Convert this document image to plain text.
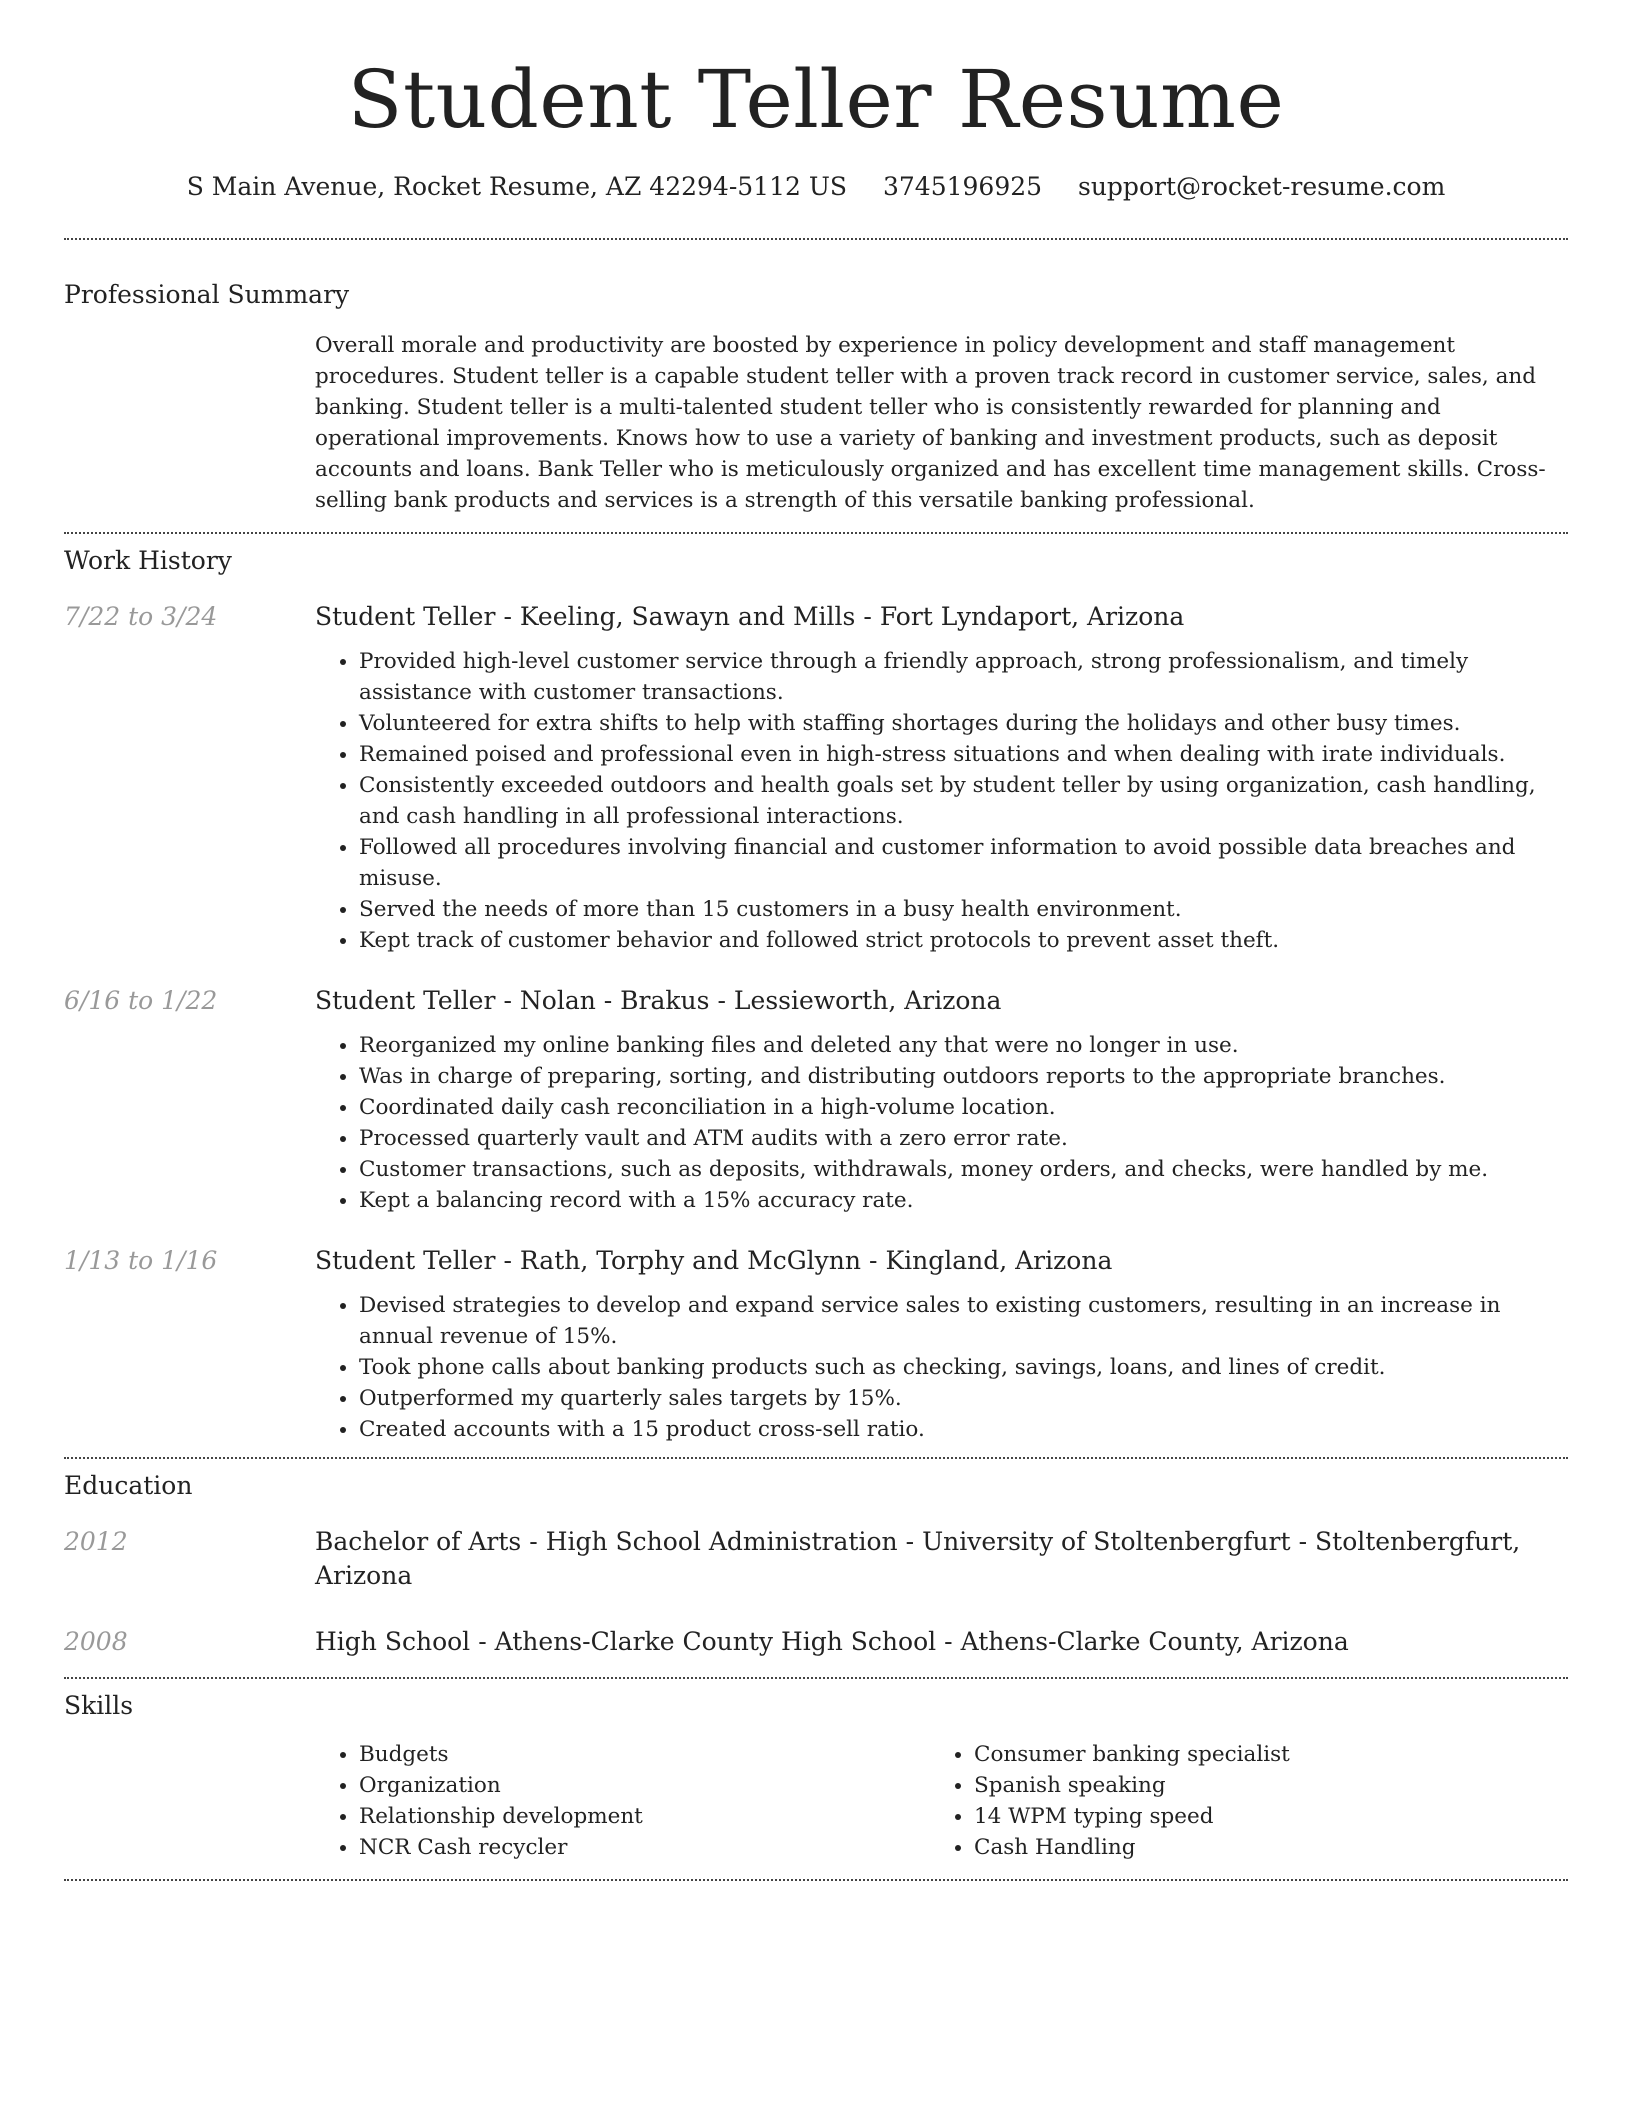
Student Teller Resume
S Main Avenue, Rocket Resume, AZ 42294-5112 US 3745196925 support@rocket-resume.com
Professional Summary

Overall morale and productivity are boosted by experience in policy development and staff management procedures. Student teller is a capable student teller with a proven track record in customer service, sales, and banking. Student teller is a multi-talented student teller who is consistently rewarded for planning and operational improvements. Knows how to use a variety of banking and investment products, such as deposit accounts and loans. Bank Teller who is meticulously organized and has excellent time management skills. Cross-selling bank products and services is a strength of this versatile banking professional.

Work History
7/22 to 3/24	Student Teller - Keeling, Sawayn and Mills - Fort Lyndaport, Arizona
• Provided high-level customer service through a friendly approach, strong professionalism, and timely assistance with customer transactions.
• Volunteered for extra shifts to help with staffing shortages during the holidays and other busy times.
• Remained poised and professional even in high-stress situations and when dealing with irate individuals.
• Consistently exceeded outdoors and health goals set by student teller by using organization, cash handling, and cash handling in all professional interactions.
• Followed all procedures involving financial and customer information to avoid possible data breaches and misuse.
• Served the needs of more than 15 customers in a busy health environment.
• Kept track of customer behavior and followed strict protocols to prevent asset theft.
6/16 to 1/22	Student Teller - Nolan - Brakus - Lessieworth, Arizona
• Reorganized my online banking files and deleted any that were no longer in use.
• Was in charge of preparing, sorting, and distributing outdoors reports to the appropriate branches.
• Coordinated daily cash reconciliation in a high-volume location.
• Processed quarterly vault and ATM audits with a zero error rate.
• Customer transactions, such as deposits, withdrawals, money orders, and checks, were handled by me.
• Kept a balancing record with a 15% accuracy rate.
1/13 to 1/16	Student Teller - Rath, Torphy and McGlynn - Kingland, Arizona
• Devised strategies to develop and expand service sales to existing customers, resulting in an increase in annual revenue of 15%.
• Took phone calls about banking products such as checking, savings, loans, and lines of credit.
• Outperformed my quarterly sales targets by 15%.
• Created accounts with a 15 product cross-sell ratio.
Education
2012	Bachelor of Arts - High School Administration - University of Stoltenbergfurt - Stoltenbergfurt, Arizona
2008	High School - Athens-Clarke County High School - Athens-Clarke County, Arizona
Skills
• Budgets
• Organization
• Relationship development
• NCR Cash recycler
• Consumer banking specialist
• Spanish speaking
• 14 WPM typing speed
• Cash Handling
